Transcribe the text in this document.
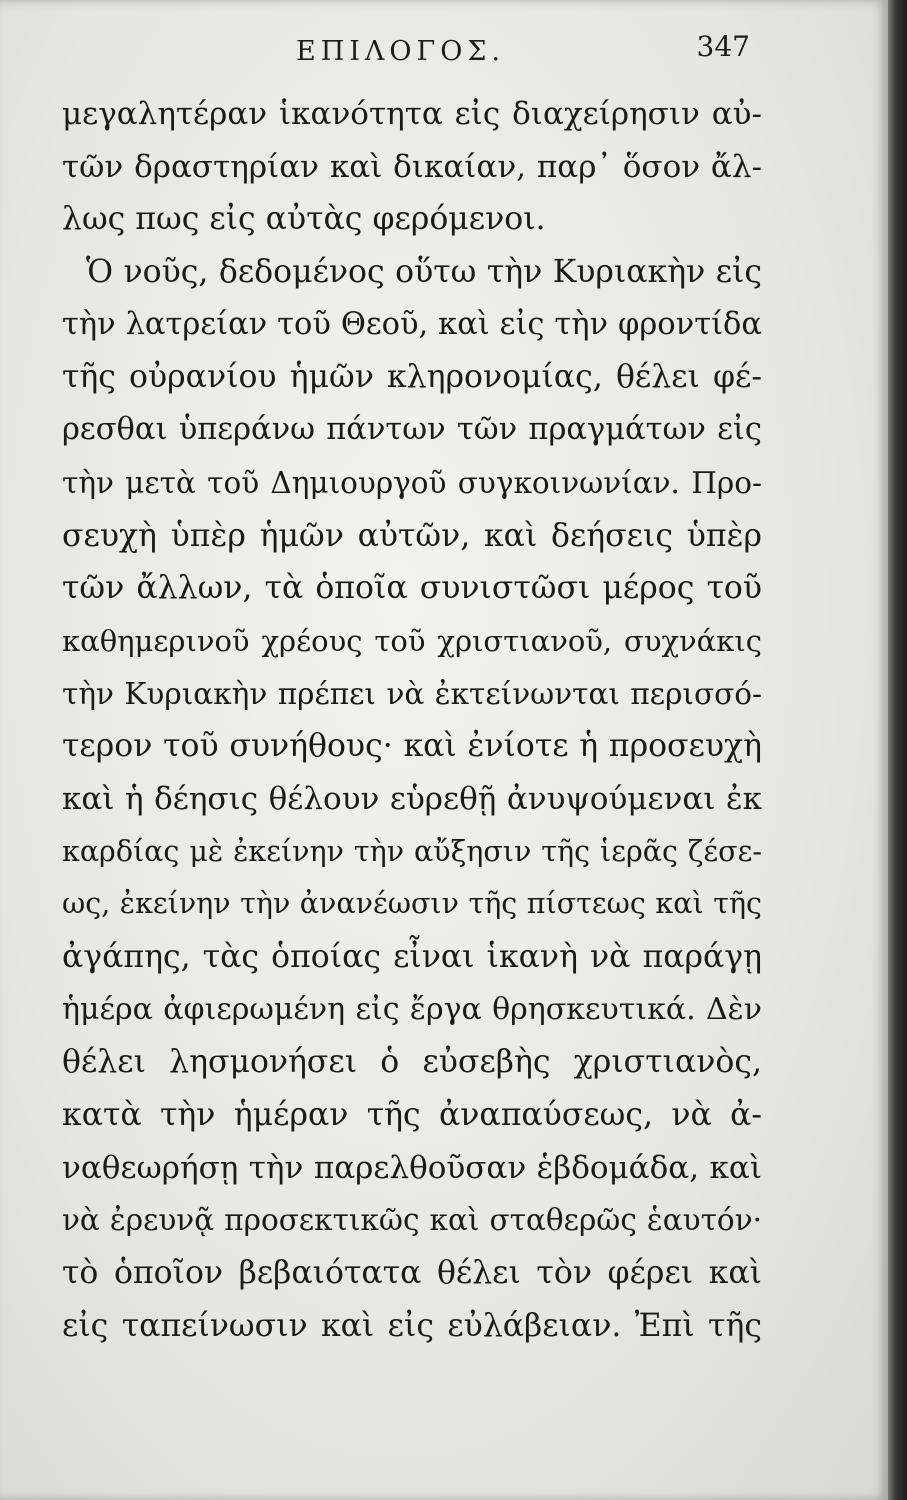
ΕΠΙΛΟΓΟΣ.	347
μεγαλητέραν ἱκανότητα εἰς διαχείρησιν αὐ-
τῶν δραστηρίαν καὶ δικαίαν, παρ᾽ ὅσον ἄλ-
λως πως εἰς αὐτὰς φερόμενοι.
Ὁ νοῦς, δεδομένος οὕτω τὴν Κυριακὴν εἰς
τὴν λατρείαν τοῦ Θεοῦ, καὶ εἰς τὴν φροντίδα
τῆς οὐρανίου ἡμῶν κληρονομίας, θέλει φέ-
ρεσθαι ὑπεράνω πάντων τῶν πραγμάτων εἰς
τὴν μετὰ τοῦ Δημιουργοῦ συγκοινωνίαν. Προ-
σευχὴ ὑπὲρ ἡμῶν αὐτῶν, καὶ δεήσεις ὑπὲρ
τῶν ἄλλων, τὰ ὁποῖα συνιστῶσι μέρος τοῦ
καθημερινοῦ χρέους τοῦ χριστιανοῦ, συχνάκις
τὴν Κυριακὴν πρέπει νὰ ἐκτείνωνται περισσό-
τερον τοῦ συνήθους· καὶ ἐνίοτε ἡ προσευχὴ
καὶ ἡ δέησις θέλουν εὑρεθῇ ἀνυψούμεναι ἐκ
καρδίας μὲ ἐκείνην τὴν αὔξησιν τῆς ἱερᾶς ζέσε-
ως, ἐκείνην τὴν ἀνανέωσιν τῆς πίστεως καὶ τῆς
ἀγάπης, τὰς ὁποίας εἶναι ἱκανὴ νὰ παράγῃ
ἡμέρα ἀφιερωμένη εἰς ἔργα θρησκευτικά. Δὲν
θέλει λησμονήσει ὁ εὐσεβὴς χριστιανὸς,
κατὰ τὴν ἡμέραν τῆς ἀναπαύσεως, νὰ ἀ-
ναθεωρήσῃ τὴν παρελθοῦσαν ἑβδομάδα, καὶ
νὰ ἐρευνᾷ προσεκτικῶς καὶ σταθερῶς ἑαυτόν·
τὸ ὁποῖον βεβαιότατα θέλει τὸν φέρει καὶ
εἰς ταπείνωσιν καὶ εἰς εὐλάβειαν. Ἐπὶ τῆς
